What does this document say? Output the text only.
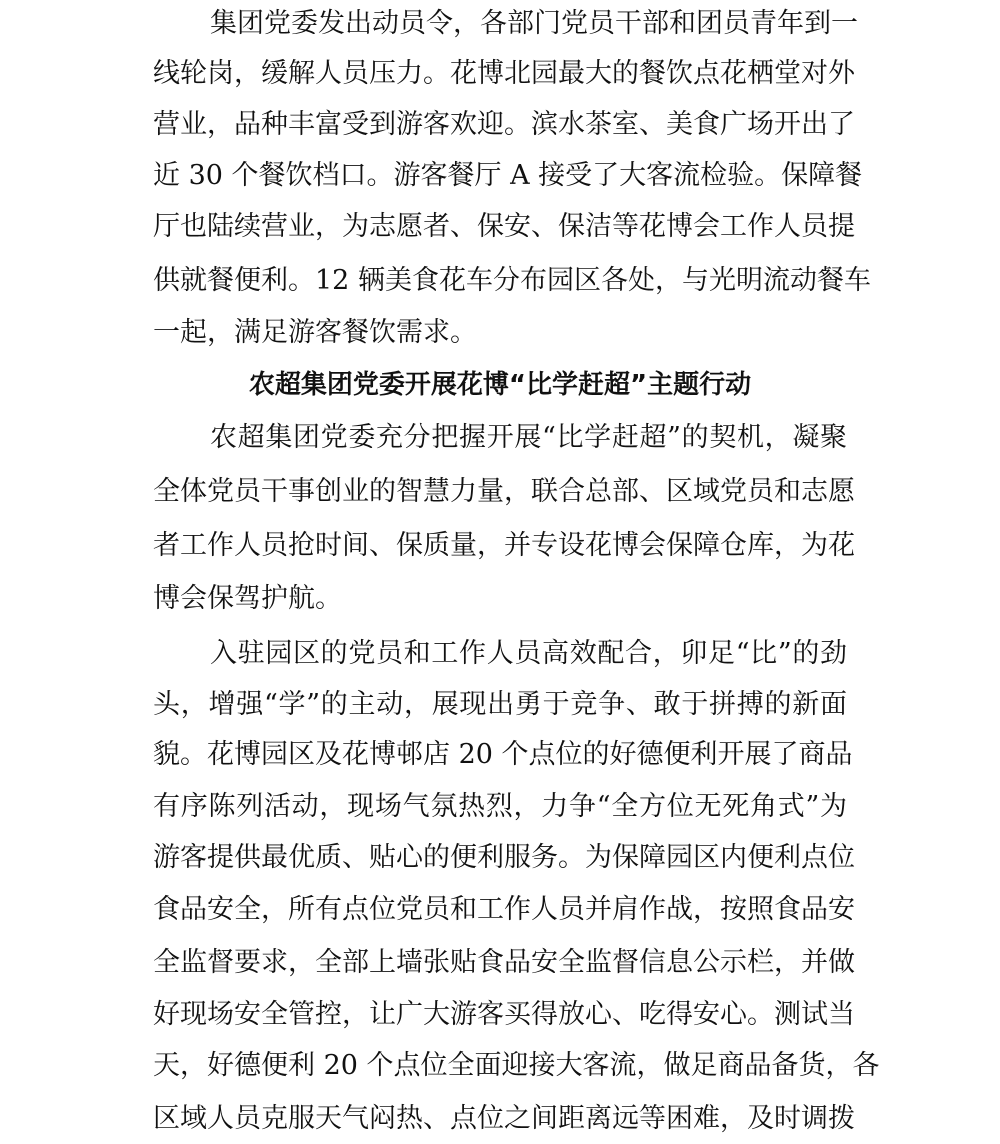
集团党委发出动员令，各部门党员干部和团员青年到一
线轮岗，缓解人员压力。花博北园最大的餐饮点花栖堂对外
营业，品种丰富受到游客欢迎。滨水茶室、美食广场开出了
近 30 个餐饮档口。游客餐厅 A 接受了大客流检验。保障餐
厅也陆续营业，为志愿者、保安、保洁等花博会工作人员提
供就餐便利。12 辆美食花车分布园区各处，与光明流动餐车
一起，满足游客餐饮需求。
农超集团党委开展花博“比学赶超”主题行动
农超集团党委充分把握开展“比学赶超”的契机，凝聚
全体党员干事创业的智慧力量，联合总部、区域党员和志愿
者工作人员抢时间、保质量，并专设花博会保障仓库，为花
博会保驾护航。
入驻园区的党员和工作人员高效配合，卯足“比”的劲
头，增强“学”的主动，展现出勇于竞争、敢于拼搏的新面
貌。花博园区及花博邨店 20 个点位的好德便利开展了商品
有序陈列活动，现场气氛热烈，力争“全方位无死角式”为
游客提供最优质、贴心的便利服务。为保障园区内便利点位
食品安全，所有点位党员和工作人员并肩作战，按照食品安
全监督要求，全部上墙张贴食品安全监督信息公示栏，并做
好现场安全管控，让广大游客买得放心、吃得安心。测试当
天，好德便利 20 个点位全面迎接大客流，做足商品备货，各
区域人员克服天气闷热、点位之间距离远等困难，及时调拨
